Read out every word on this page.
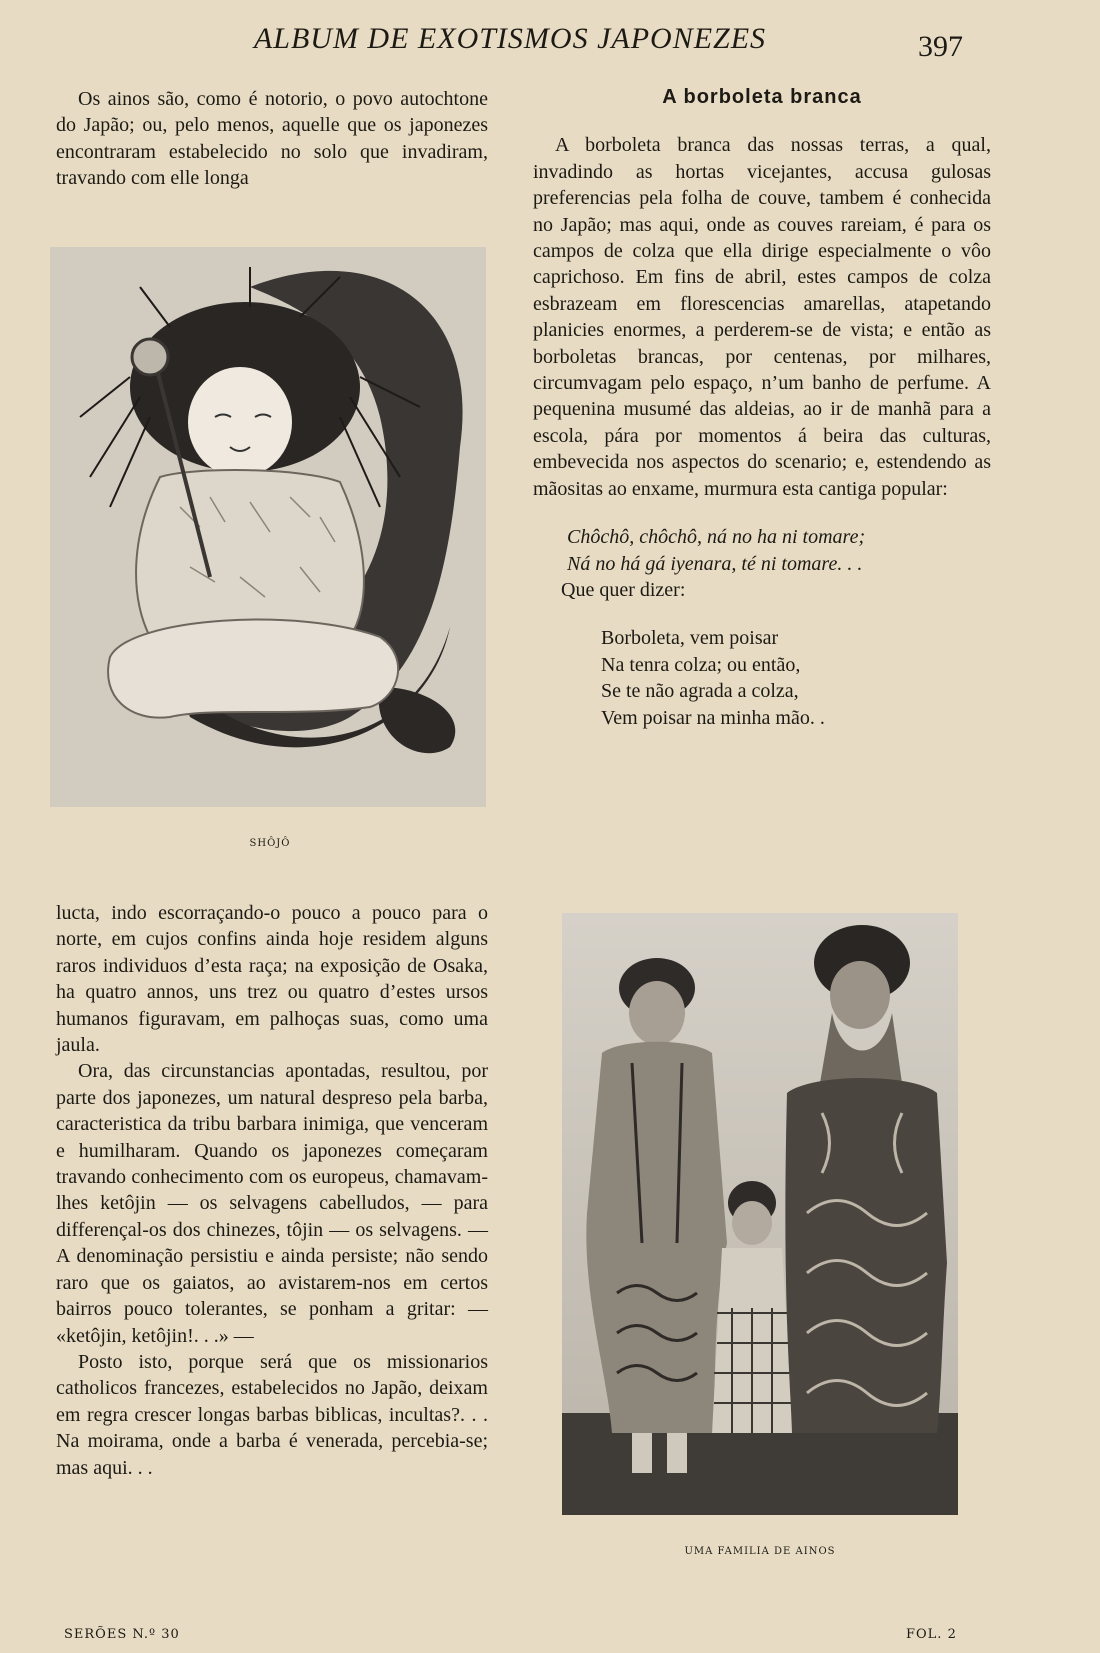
ALBUM DE EXOTISMOS JAPONEZES	397

Os ainos são, como é notorio, o povo autochtone do Japão; ou, pelo menos, aquelle que os japonezes encontraram estabelecido no solo que invadiram, travando com elle longa

SHÔJÔ

lucta, indo escorraçando-o pouco a pouco para o norte, em cujos confins ainda hoje residem alguns raros individuos d’esta raça; na exposição de Osaka, ha quatro annos, uns trez ou quatro d’estes ursos humanos figuravam, em palhoças suas, como uma jaula.

Ora, das circunstancias apontadas, resultou, por parte dos japonezes, um natural despreso pela barba, caracteristica da tribu barbara inimiga, que venceram e humilharam. Quando os japonezes começaram travando conhecimento com os europeus, chamavam-lhes ketôjin — os selvagens cabelludos, — para differençal-os dos chinezes, tôjin — os selvagens. — A denominação persistiu e ainda persiste; não sendo raro que os gaiatos, ao avistarem-nos em certos bairros pouco tolerantes, se ponham a gritar: — «ketôjin, ketôjin!. . .» —

Posto isto, porque será que os missionarios catholicos francezes, estabelecidos no Japão, deixam em regra crescer longas barbas biblicas, incultas?. . . Na moirama, onde a barba é venerada, percebia-se; mas aqui. . .

A borboleta branca

A borboleta branca das nossas terras, a qual, invadindo as hortas vicejantes, accusa gulosas preferencias pela folha de couve, tambem é conhecida no Japão; mas aqui, onde as couves rareiam, é para os campos de colza que ella dirige especialmente o vôo caprichoso. Em fins de abril, estes campos de colza esbrazeam em florescencias amarellas, atapetando planicies enormes, a perderem-se de vista; e então as borboletas brancas, por centenas, por milhares, circumvagam pelo espaço, n’um banho de perfume. A pequenina musumé das aldeias, ao ir de manhã para a escola, pára por momentos á beira das culturas, embevecida nos aspectos do scenario; e, estendendo as mãositas ao enxame, murmura esta cantiga popular:

Chôchô, chôchô, ná no ha ni tomare;
Ná no há gá iyenara, té ni tomare. . .

Que quer dizer:

Borboleta, vem poisar
Na tenra colza; ou então,
Se te não agrada a colza,
Vem poisar na minha mão. .
UMA FAMILIA DE AINOS
SERÕES N.º 30	FOL. 2
